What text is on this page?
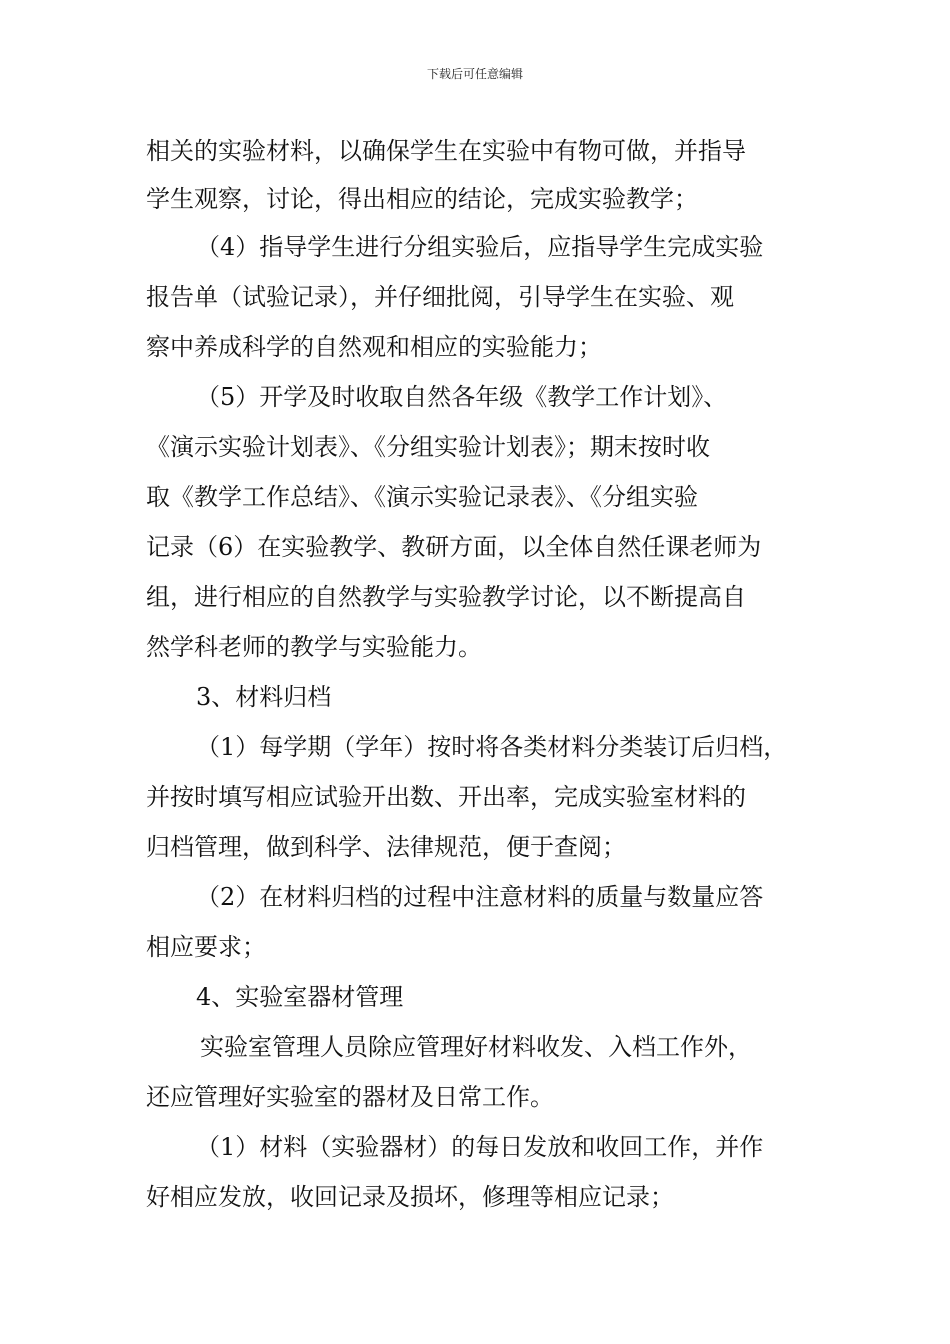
下载后可任意编辑
相关的实验材料，以确保学生在实验中有物可做，并指导
学生观察，讨论，得出相应的结论，完成实验教学；
（4）指导学生进行分组实验后，应指导学生完成实验
报告单（试验记录），并仔细批阅，引导学生在实验、观
察中养成科学的自然观和相应的实验能力；
（5）开学及时收取自然各年级《教学工作计划》、
《演示实验计划表》、《分组实验计划表》；期末按时收
取《教学工作总结》、《演示实验记录表》、《分组实验
记录（6）在实验教学、教研方面，以全体自然任课老师为
组，进行相应的自然教学与实验教学讨论，以不断提高自
然学科老师的教学与实验能力。
3、材料归档
（1）每学期（学年）按时将各类材料分类装订后归档，
并按时填写相应试验开出数、开出率，完成实验室材料的
归档管理，做到科学、法律规范，便于查阅；
（2）在材料归档的过程中注意材料的质量与数量应答
相应要求；
4、实验室器材管理
实验室管理人员除应管理好材料收发、入档工作外，
还应管理好实验室的器材及日常工作。
（1）材料（实验器材）的每日发放和收回工作，并作
好相应发放，收回记录及损坏，修理等相应记录；
